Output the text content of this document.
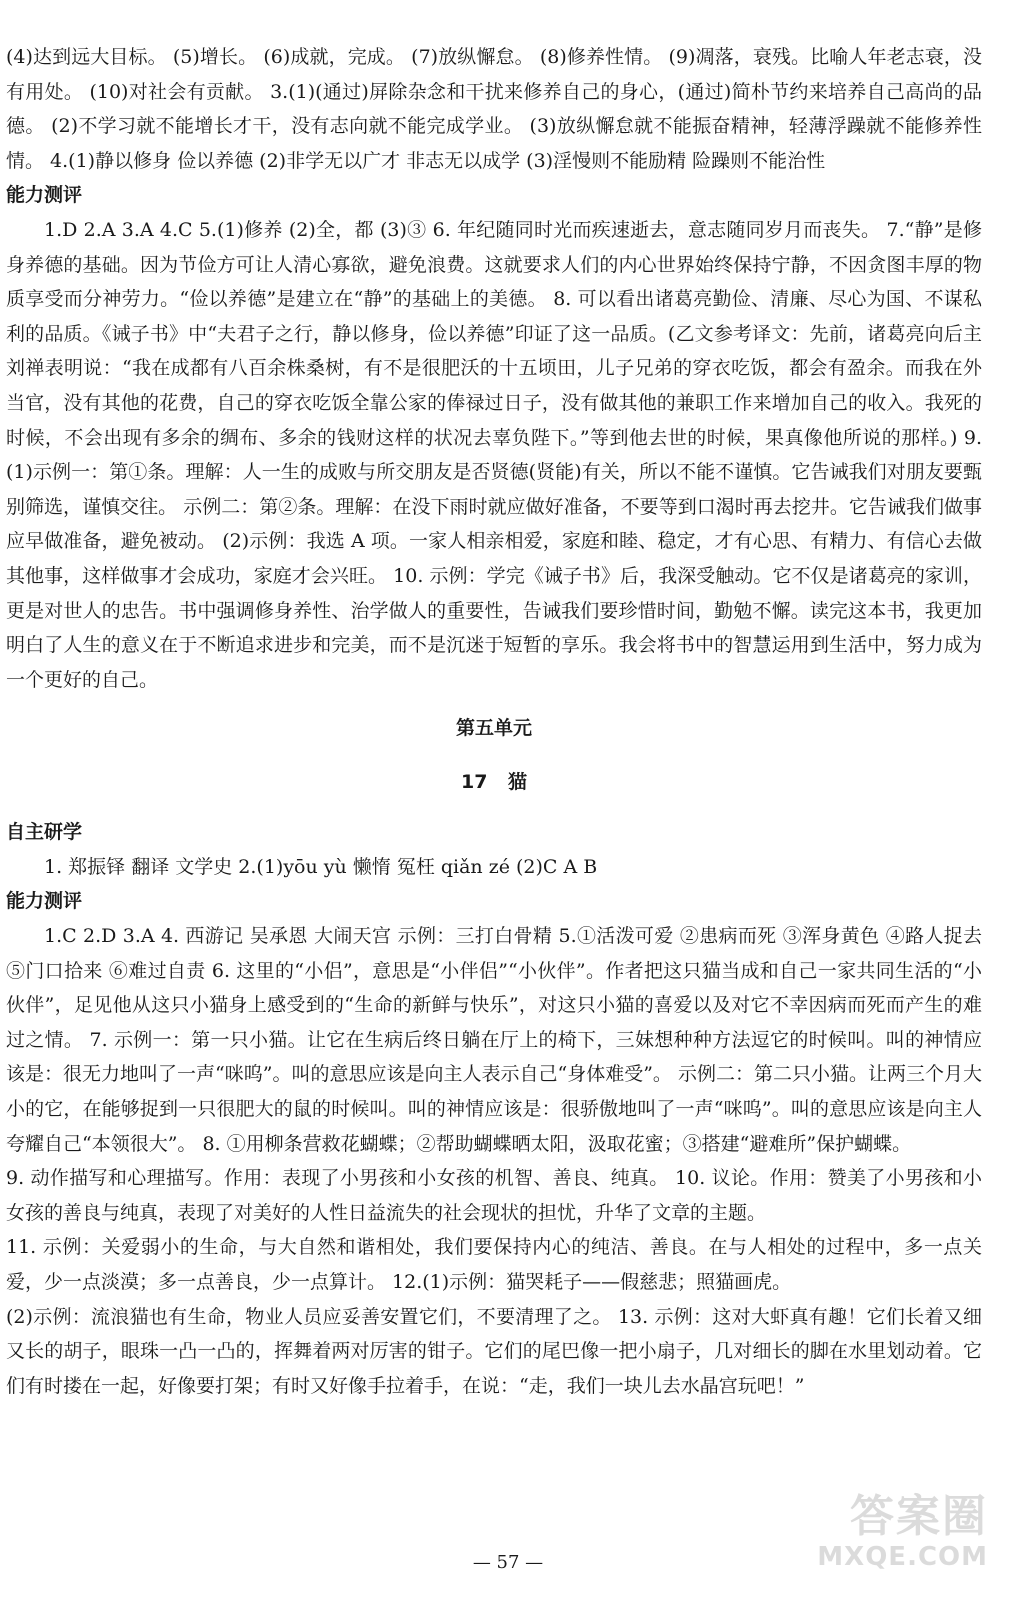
(4)达到远大目标。 (5)增长。 (6)成就，完成。 (7)放纵懈怠。 (8)修养性情。 (9)凋落，衰残。比喻人年老志衰，没有用处。 (10)对社会有贡献。 3.(1)(通过)屏除杂念和干扰来修养自己的身心，(通过)简朴节约来培养自己高尚的品德。 (2)不学习就不能增长才干，没有志向就不能完成学业。 (3)放纵懈怠就不能振奋精神，轻薄浮躁就不能修养性情。 4.(1)静以修身 俭以养德 (2)非学无以广才 非志无以成学 (3)淫慢则不能励精 险躁则不能治性

能力测评

1.D 2.A 3.A 4.C 5.(1)修养 (2)全，都 (3)③ 6. 年纪随同时光而疾速逝去，意志随同岁月而丧失。 7.“静”是修身养德的基础。因为节俭方可让人清心寡欲，避免浪费。这就要求人们的内心世界始终保持宁静，不因贪图丰厚的物质享受而分神劳力。“俭以养德”是建立在“静”的基础上的美德。 8. 可以看出诸葛亮勤俭、清廉、尽心为国、不谋私利的品质。《诫子书》中“夫君子之行，静以修身，俭以养德”印证了这一品质。(乙文参考译文：先前，诸葛亮向后主刘禅表明说：“我在成都有八百余株桑树，有不是很肥沃的十五顷田，儿子兄弟的穿衣吃饭，都会有盈余。而我在外当官，没有其他的花费，自己的穿衣吃饭全靠公家的俸禄过日子，没有做其他的兼职工作来增加自己的收入。我死的时候，不会出现有多余的绸布、多余的钱财这样的状况去辜负陛下。”等到他去世的时候，果真像他所说的那样。) 9. (1)示例一：第①条。理解：人一生的成败与所交朋友是否贤德(贤能)有关，所以不能不谨慎。它告诫我们对朋友要甄别筛选，谨慎交往。 示例二：第②条。理解：在没下雨时就应做好准备，不要等到口渴时再去挖井。它告诫我们做事应早做准备，避免被动。 (2)示例：我选 A 项。一家人相亲相爱，家庭和睦、稳定，才有心思、有精力、有信心去做其他事，这样做事才会成功，家庭才会兴旺。 10. 示例：学完《诫子书》后，我深受触动。它不仅是诸葛亮的家训，更是对世人的忠告。书中强调修身养性、治学做人的重要性，告诫我们要珍惜时间，勤勉不懈。读完这本书，我更加明白了人生的意义在于不断追求进步和完美，而不是沉迷于短暂的享乐。我会将书中的智慧运用到生活中，努力成为一个更好的自己。

第五单元

17 猫

自主研学

1. 郑振铎 翻译 文学史 2.(1)yōu yù 懒惰 冤枉 qiǎn zé (2)C A B

能力测评

1.C 2.D 3.A 4. 西游记 吴承恩 大闹天宫 示例：三打白骨精 5.①活泼可爱 ②患病而死 ③浑身黄色 ④路人捉去 ⑤门口拾来 ⑥难过自责 6. 这里的“小侣”，意思是“小伴侣”“小伙伴”。作者把这只猫当成和自己一家共同生活的“小伙伴”，足见他从这只小猫身上感受到的“生命的新鲜与快乐”，对这只小猫的喜爱以及对它不幸因病而死而产生的难过之情。 7. 示例一：第一只小猫。让它在生病后终日躺在厅上的椅下，三妹想种种方法逗它的时候叫。叫的神情应该是：很无力地叫了一声“咪呜”。叫的意思应该是向主人表示自己“身体难受”。 示例二：第二只小猫。让两三个月大小的它，在能够捉到一只很肥大的鼠的时候叫。叫的神情应该是：很骄傲地叫了一声“咪呜”。叫的意思应该是向主人夸耀自己“本领很大”。 8. ①用柳条营救花蝴蝶；②帮助蝴蝶晒太阳，汲取花蜜；③搭建“避难所”保护蝴蝶。

9. 动作描写和心理描写。作用：表现了小男孩和小女孩的机智、善良、纯真。 10. 议论。作用：赞美了小男孩和小女孩的善良与纯真，表现了对美好的人性日益流失的社会现状的担忧，升华了文章的主题。

11. 示例：关爱弱小的生命，与大自然和谐相处，我们要保持内心的纯洁、善良。在与人相处的过程中，多一点关爱，少一点淡漠；多一点善良，少一点算计。 12.(1)示例：猫哭耗子——假慈悲；照猫画虎。

(2)示例：流浪猫也有生命，物业人员应妥善安置它们，不要清理了之。 13. 示例：这对大虾真有趣！它们长着又细又长的胡子，眼珠一凸一凸的，挥舞着两对厉害的钳子。它们的尾巴像一把小扇子，几对细长的脚在水里划动着。它们有时搂在一起，好像要打架；有时又好像手拉着手，在说：“走，我们一块儿去水晶宫玩吧！”

— 57 —
答案圈
MXQE.COM
